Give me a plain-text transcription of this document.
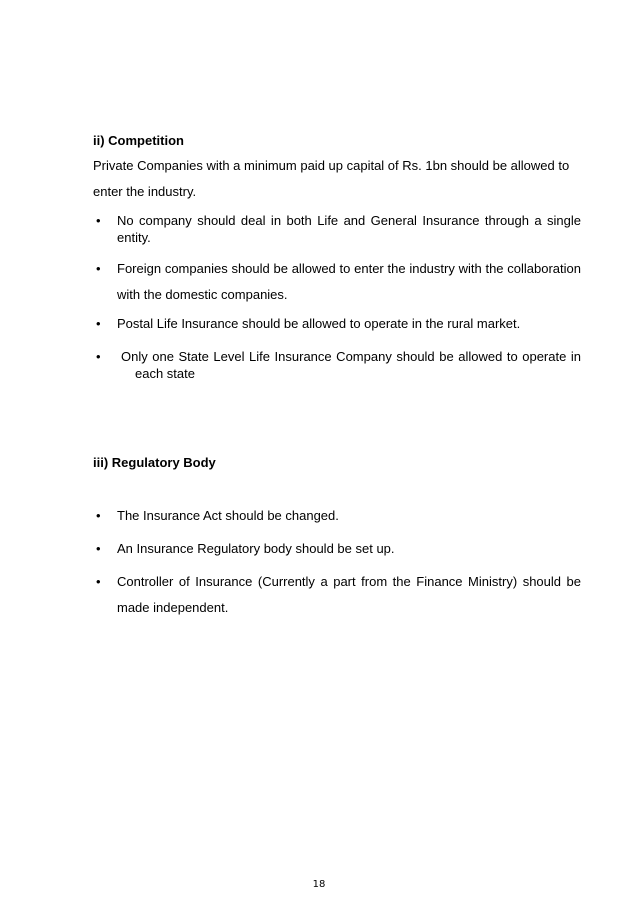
ii) Competition
Private Companies with a minimum paid up capital of Rs. 1bn should be allowed to enter the industry.
• No company should deal in both Life and General Insurance through a single entity.
• Foreign companies should be allowed to enter the industry with the collaboration with the domestic companies.
• Postal Life Insurance should be allowed to operate in the rural market.
• Only one State Level Life Insurance Company should be allowed to operate in each state
iii) Regulatory Body
• The Insurance Act should be changed.
• An Insurance Regulatory body should be set up.
• Controller of Insurance (Currently a part from the Finance Ministry) should be made independent.
18
